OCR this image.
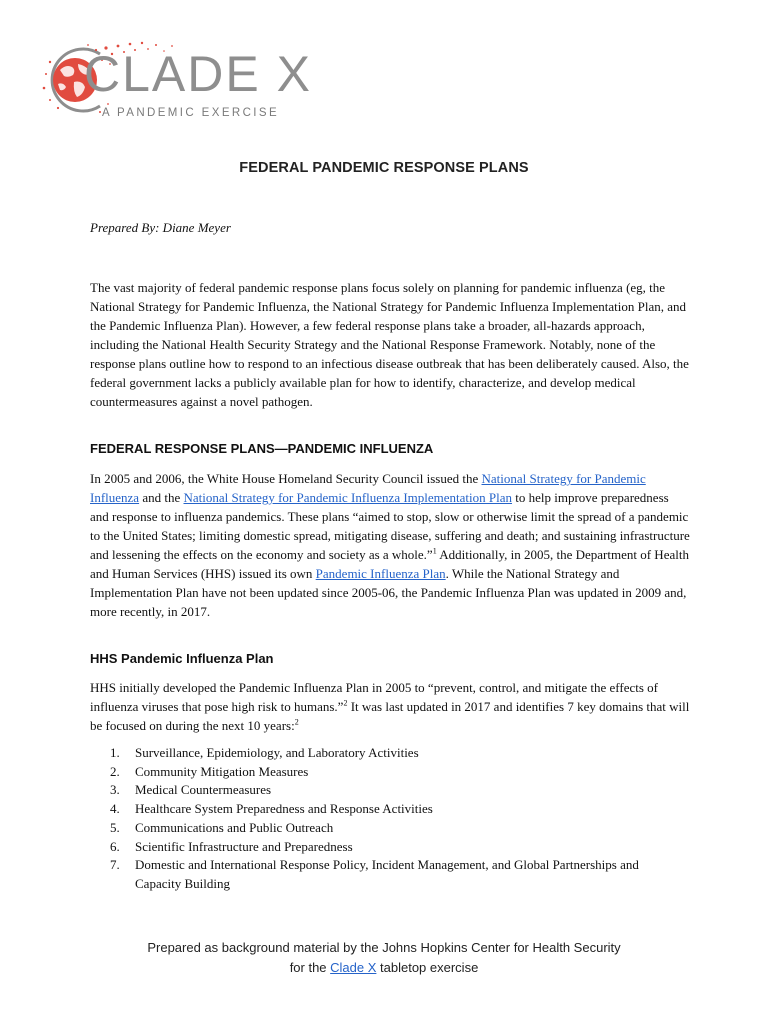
CLADE X
A PANDEMIC EXERCISE
FEDERAL PANDEMIC RESPONSE PLANS
Prepared By: Diane Meyer

The vast majority of federal pandemic response plans focus solely on planning for pandemic influenza (eg, the National Strategy for Pandemic Influenza, the National Strategy for Pandemic Influenza Implementation Plan, and the Pandemic Influenza Plan). However, a few federal response plans take a broader, all-hazards approach, including the National Health Security Strategy and the National Response Framework. Notably, none of the response plans outline how to respond to an infectious disease outbreak that has been deliberately caused. Also, the federal government lacks a publicly available plan for how to identify, characterize, and develop medical countermeasures against a novel pathogen.

FEDERAL RESPONSE PLANS—PANDEMIC INFLUENZA

In 2005 and 2006, the White House Homeland Security Council issued the National Strategy for Pandemic Influenza and the National Strategy for Pandemic Influenza Implementation Plan to help improve preparedness and response to influenza pandemics. These plans “aimed to stop, slow or otherwise limit the spread of a pandemic to the United States; limiting domestic spread, mitigating disease, suffering and death; and sustaining infrastructure and lessening the effects on the economy and society as a whole.”$^1$ Additionally, in 2005, the Department of Health and Human Services (HHS) issued its own Pandemic Influenza Plan. While the National Strategy and Implementation Plan have not been updated since 2005-06, the Pandemic Influenza Plan was updated in 2009 and, more recently, in 2017.

HHS Pandemic Influenza Plan

HHS initially developed the Pandemic Influenza Plan in 2005 to “prevent, control, and mitigate the effects of influenza viruses that pose high risk to humans.”$^2$ It was last updated in 2017 and identifies 7 key domains that will be focused on during the next 10 years:$^2$

1. Surveillance, Epidemiology, and Laboratory Activities
2. Community Mitigation Measures
3. Medical Countermeasures
4. Healthcare System Preparedness and Response Activities
5. Communications and Public Outreach
6. Scientific Infrastructure and Preparedness
7. Domestic and International Response Policy, Incident Management, and Global Partnerships and Capacity Building
Prepared as background material by the Johns Hopkins Center for Health Security
for the Clade X tabletop exercise
